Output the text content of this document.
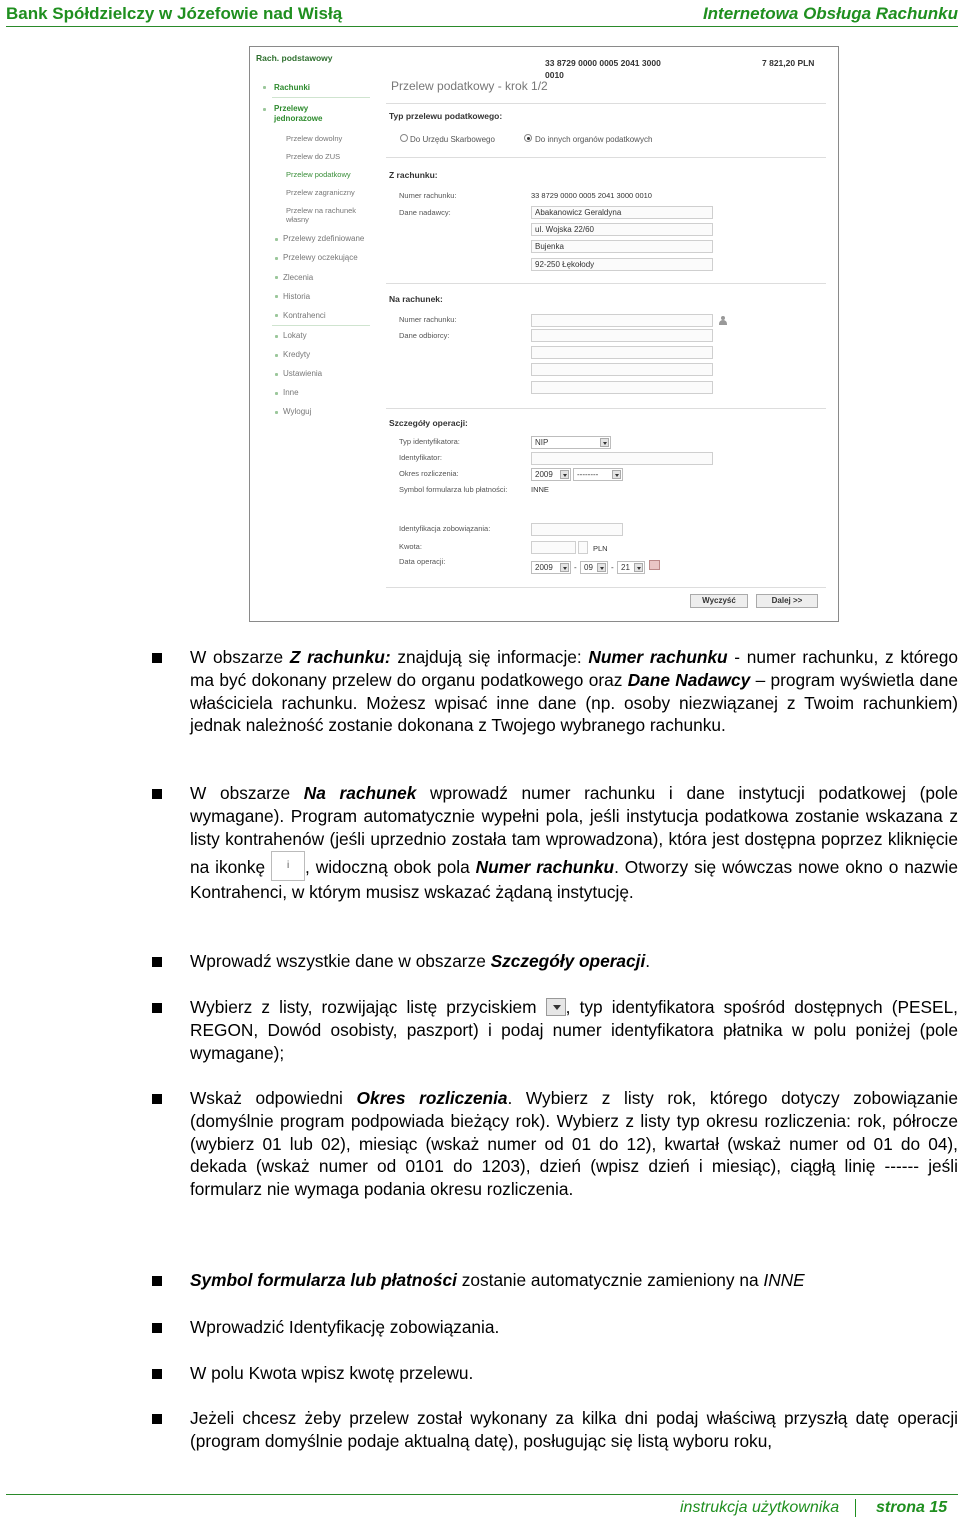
Bank Spółdzielczy w Józefowie nad Wisłą	Internetowa Obsługa Rachunku
Rach. podstawowy
Rachunki
Przelewy jednorazowe
Przelew dowolny
Przelew do ZUS
Przelew podatkowy
Przelew zagraniczny
Przelew na rachunek własny
Przelewy zdefiniowane
Przelewy oczekujące
Zlecenia
Historia
Kontrahenci
Lokaty
Kredyty
Ustawienia
Inne
Wyloguj
33 8729 0000 0005 2041 3000
0010
7 821,20 PLN
Przelew podatkowy - krok 1/2
Typ przelewu podatkowego:
Do Urzędu Skarbowego	Do innych organów podatkowych
Z rachunku:
Numer rachunku:	33 8729 0000 0005 2041 3000 0010
Dane nadawcy:	Abakanowicz Geraldyna
ul. Wojska 22/60
Bujenka
92-250 Łękołody
Na rachunek:
Numer rachunku:
Dane odbiorcy:
Szczegóły operacji:
Typ identyfikatora:	NIP
Identyfikator:
Okres rozliczenia:	2009	--------
Symbol formularza lub płatności:	INNE
Identyfikacja zobowiązania:
Kwota:	PLN
Data operacji:
2009	- 09	- 21
Wyczyść	Dalej >>
W obszarze Z rachunku: znajdują się informacje: Numer rachunku - numer rachunku, z którego ma być dokonany przelew do organu podatkowego oraz Dane Nadawcy – program wyświetla dane właściciela rachunku. Możesz wpisać inne dane (np. osoby niezwiązanej z Twoim rachunkiem) jednak należność zostanie dokonana z Twojego wybranego rachunku.
W obszarze Na rachunek wprowadź numer rachunku i dane instytucji podatkowej (pole wymagane). Program automatycznie wypełni pola, jeśli instytucja podatkowa zostanie wskazana z listy kontrahenów (jeśli uprzednio została tam wprowadzona), która jest dostępna poprzez kliknięcie na ikonkę i , widoczną obok pola Numer rachunku. Otworzy się wówczas nowe okno o nazwie Kontrahenci, w którym musisz wskazać żądaną instytucję.
Wprowadź wszystkie dane w obszarze Szczegóły operacji.
Wybierz z listy, rozwijając listę przyciskiem , typ identyfikatora spośród dostępnych (PESEL, REGON, Dowód osobisty, paszport) i podaj numer identyfikatora płatnika w polu poniżej (pole wymagane);
Wskaż odpowiedni Okres rozliczenia. Wybierz z listy rok, którego dotyczy zobowiązanie (domyślnie program podpowiada bieżący rok). Wybierz z listy typ okresu rozliczenia: rok, półrocze (wybierz 01 lub 02), miesiąc (wskaż numer od 01 do 12), kwartał (wskaż numer od 01 do 04), dekada (wskaż numer od 0101 do 1203), dzień (wpisz dzień i miesiąc), ciągłą linię ------ jeśli formularz nie wymaga podania okresu rozliczenia.
Symbol formularza lub płatności zostanie automatycznie zamieniony na INNE
Wprowadzić Identyfikację zobowiązania.
W polu Kwota wpisz kwotę przelewu.
Jeżeli chcesz żeby przelew został wykonany za kilka dni podaj właściwą przyszłą datę operacji (program domyślnie podaje aktualną datę), posługując się listą wyboru roku,
instrukcja użytkownika strona 15
